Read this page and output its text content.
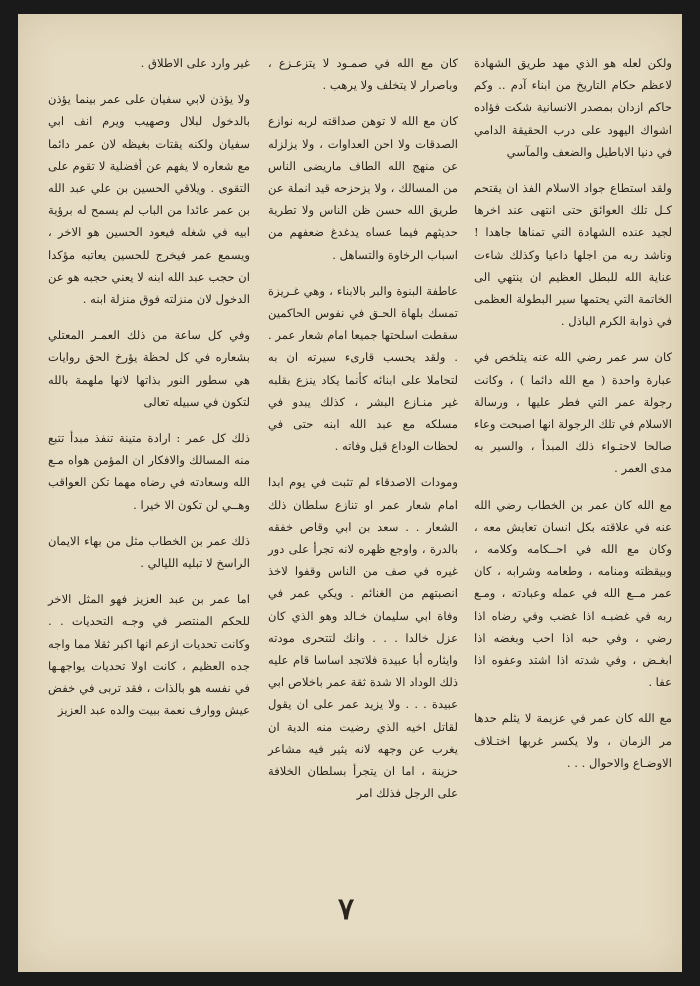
ولكن لعله هو الذي مهد طريق الشهادة لاعظم حكام التاريخ من ابناء آدم .. وكم حاكم ازدان بمصدر الانسانية شكت فؤاده اشواك اليهود على درب الحقيقة الدامي في دنيا الاباطيل والضعف والمآسي

ولقد استطاع جواد الاسلام الفذ ان يقتحم كـل تلك العوائق حتى انتهى عند اخرها لجيد عنده الشهادة التي تمناها جاهدا ! وناشد ربه من اجلها داعيا وكذلك شاءت عناية الله للبطل العظيم ان ينتهي الى الخاتمة التي يحتمها سير البطولة العظمى في ذوابة الكرم الباذل .

كان سر عمر رضي الله عنه يتلخص في عبارة واحدة ( مع الله دائما ) ، وكانت رجولة عمر التي فطر عليها ، ورسالة الاسلام في تلك الرجولة انها اصبحت وعاء صالحا لاحتـواء ذلك المبدأ ، والسير به مدى العمر .

مع الله كان عمر بن الخطاب رضي الله عنه في علاقته بكل انسان تعايش معه ، وكان مع الله في احــكامه وكلامه ، وبيقظته ومنامه ، وطعامه وشرابه ، كان عمر مــع الله في عمله وعبادته ، ومـع ربه في غضبـه اذا غضب وفي رضاه اذا رضي ، وفي حبه اذا احب وبغضه اذا ابغـض ، وفي شدته اذا اشتد وعفوه اذا عفا .

مع الله كان عمر في عزيمة لا يثلم حدها مر الزمان ، ولا يكسر غربها اختـلاف الاوضـاع والاحوال . . .

كان مع الله في صمـود لا يتزعـزع ، وباصرار لا يتخلف ولا يرهب .

كان مع الله لا توهن صداقته لربه نوازع الصدقات ولا احن العداوات ، ولا يزلزله عن منهج الله الطاف ماريضى الناس من المسالك ، ولا يزحزحه قيد انملة عن طريق الله حسن ظن الناس ولا تطرية حديثهم فيما عساه يدغدغ ضعفهم من اسباب الرخاوة والتساهل .

عاطفة البنوة والبر بالابناء ، وهي غـريزة تمسك بلهاة الحـق في نفوس الحاكمين سقطت اسلحتها جميعا امام شعار عمر . . ولقد يحسب قارىء سيرته ان به لتحاملا على ابنائه كأنما يكاد ينزع بقلبه غير منـازع البشر ، كذلك يبدو في مسلكه مع عبد الله ابنه حتى في لحظات الوداع قبل وفاته .

ومودات الاصدقاء لم تثبت في يوم ابدا امام شعار عمر او تنازع سلطان ذلك الشعار . . سعد بن ابي وقاص خفقه بالدرة ، واوجع ظهره لانه تجرأ على دور غيره في صف من الناس وقفوا لاخذ انصبتهم من الغنائم . ويكي عمر في وفاة ابي سليمان خـالد وهو الذي كان عزل خالدا . . . وانك لتتحرى مودته وايثاره أبا عبيدة فلاتجد اساسا قام عليه ذلك الوداد الا شدة ثقة عمر باخلاص ابي عبيدة . . . ولا يزيد عمر على ان يقول لقاتل اخيه الذي رضيت منه الدية ان يغرب عن وجهه لانه يثير فيه مشاعر حزينة ، اما ان يتجرأ بسلطان الخلافة على الرجل فذلك امر

غير وارد على الاطلاق .

ولا يؤذن لابي سفيان على عمر بينما يؤذن بالدخول لبلال وصهيب ويرم انف ابي سفيان ولكنه يقتات بغيظه لان عمر دائما مع شعاره لا يفهم عن أفضلية لا تقوم على التقوى . ويلاقي الحسين بن علي عبد الله بن عمر عائدا من الباب لم يسمح له برؤية ابيه في شغله فيعود الحسين هو الاخر ، ويسمع عمر فيخرج للحسين يعاتبه مؤكدا ان حجب عبد الله ابنه لا يعني حجبه هو عن الدخول لان منزلته فوق منزلة ابنه .

وفي كل ساعة من ذلك العمـر المعتلي بشعاره في كل لحظة يؤرخ الحق روايات هي سطور النور بذاتها لانها ملهمة بالله لتكون في سبيله تعالى

ذلك كل عمر : ارادة متينة تنفذ مبدأ تتبع منه المسالك والافكار ان المؤمن هواه مـع الله وسعادته في رضاه مهما تكن العواقب وهــي لن تكون الا خيرا .

ذلك عمر بن الخطاب مثل من بهاء الايمان الراسخ لا تبليه الليالي .

اما عمر بن عبد العزيز فهو المثل الاخر للحكم المنتصر في وجـه التحديات . . وكانت تحديات ازعم انها اكبر ثقلا مما واجه جده العظيم ، كانت اولا تحديات يواجهـها في نفسه هو بالذات ، فقد تربى في خفض عيش ووارف نعمة ببيت والده عبد العزيز

٧
